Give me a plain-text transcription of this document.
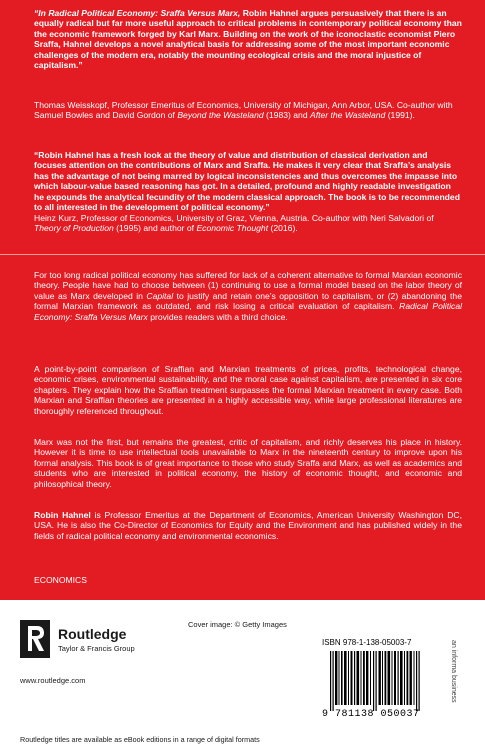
“In Radical Political Economy: Sraffa Versus Marx, Robin Hahnel argues persuasively that there is an equally radical but far more useful approach to critical problems in contemporary political economy than the economic framework forged by Karl Marx. Building on the work of the iconoclastic economist Piero Sraffa, Hahnel develops a novel analytical basis for addressing some of the most important economic challenges of the modern era, notably the mounting ecological crisis and the moral injustice of capitalism.”
Thomas Weisskopf, Professor Emeritus of Economics, University of Michigan, Ann Arbor, USA. Co-author with Samuel Bowles and David Gordon of Beyond the Wasteland (1983) and After the Wasteland (1991).
“Robin Hahnel has a fresh look at the theory of value and distribution of classical derivation and focuses attention on the contributions of Marx and Sraffa. He makes it very clear that Sraffa’s analysis has the advantage of not being marred by logical inconsistencies and thus overcomes the impasse into which labour-value based reasoning has got. In a detailed, profound and highly readable investigation he expounds the analytical fecundity of the modern classical approach. The book is to be recommended to all interested in the development of political economy.”
Heinz Kurz, Professor of Economics, University of Graz, Vienna, Austria. Co-author with Neri Salvadori of Theory of Production (1995) and author of Economic Thought (2016).
For too long radical political economy has suffered for lack of a coherent alternative to formal Marxian economic theory. People have had to choose between (1) continuing to use a formal model based on the labor theory of value as Marx developed in Capital to justify and retain one’s opposition to capitalism, or (2) abandoning the formal Marxian framework as outdated, and risk losing a critical evaluation of capitalism. Radical Political Economy: Sraffa Versus Marx provides readers with a third choice.
A point-by-point comparison of Sraffian and Marxian treatments of prices, profits, technological change, economic crises, environmental sustainability, and the moral case against capitalism, are presented in six core chapters. They explain how the Sraffian treatment surpasses the formal Marxian treatment in every case. Both Marxian and Sraffian theories are presented in a highly accessible way, while large professional literatures are thoroughly referenced throughout.
Marx was not the first, but remains the greatest, critic of capitalism, and richly deserves his place in history. However it is time to use intellectual tools unavailable to Marx in the nineteenth century to improve upon his formal analysis. This book is of great importance to those who study Sraffa and Marx, as well as academics and students who are interested in political economy, the history of economic thought, and economic and philosophical theory.
Robin Hahnel is Professor Emeritus at the Department of Economics, American University Washington DC, USA. He is also the Co-Director of Economics for Equity and the Environment and has published widely in the fields of radical political economy and environmental economics.
ECONOMICS
Routledge
Taylor & Francis Group
www.routledge.com
Cover image: © Getty Images
ISBN 978-1-138-05003-7
9 781138 050037
an informa business
Routledge titles are available as eBook editions in a range of digital formats
